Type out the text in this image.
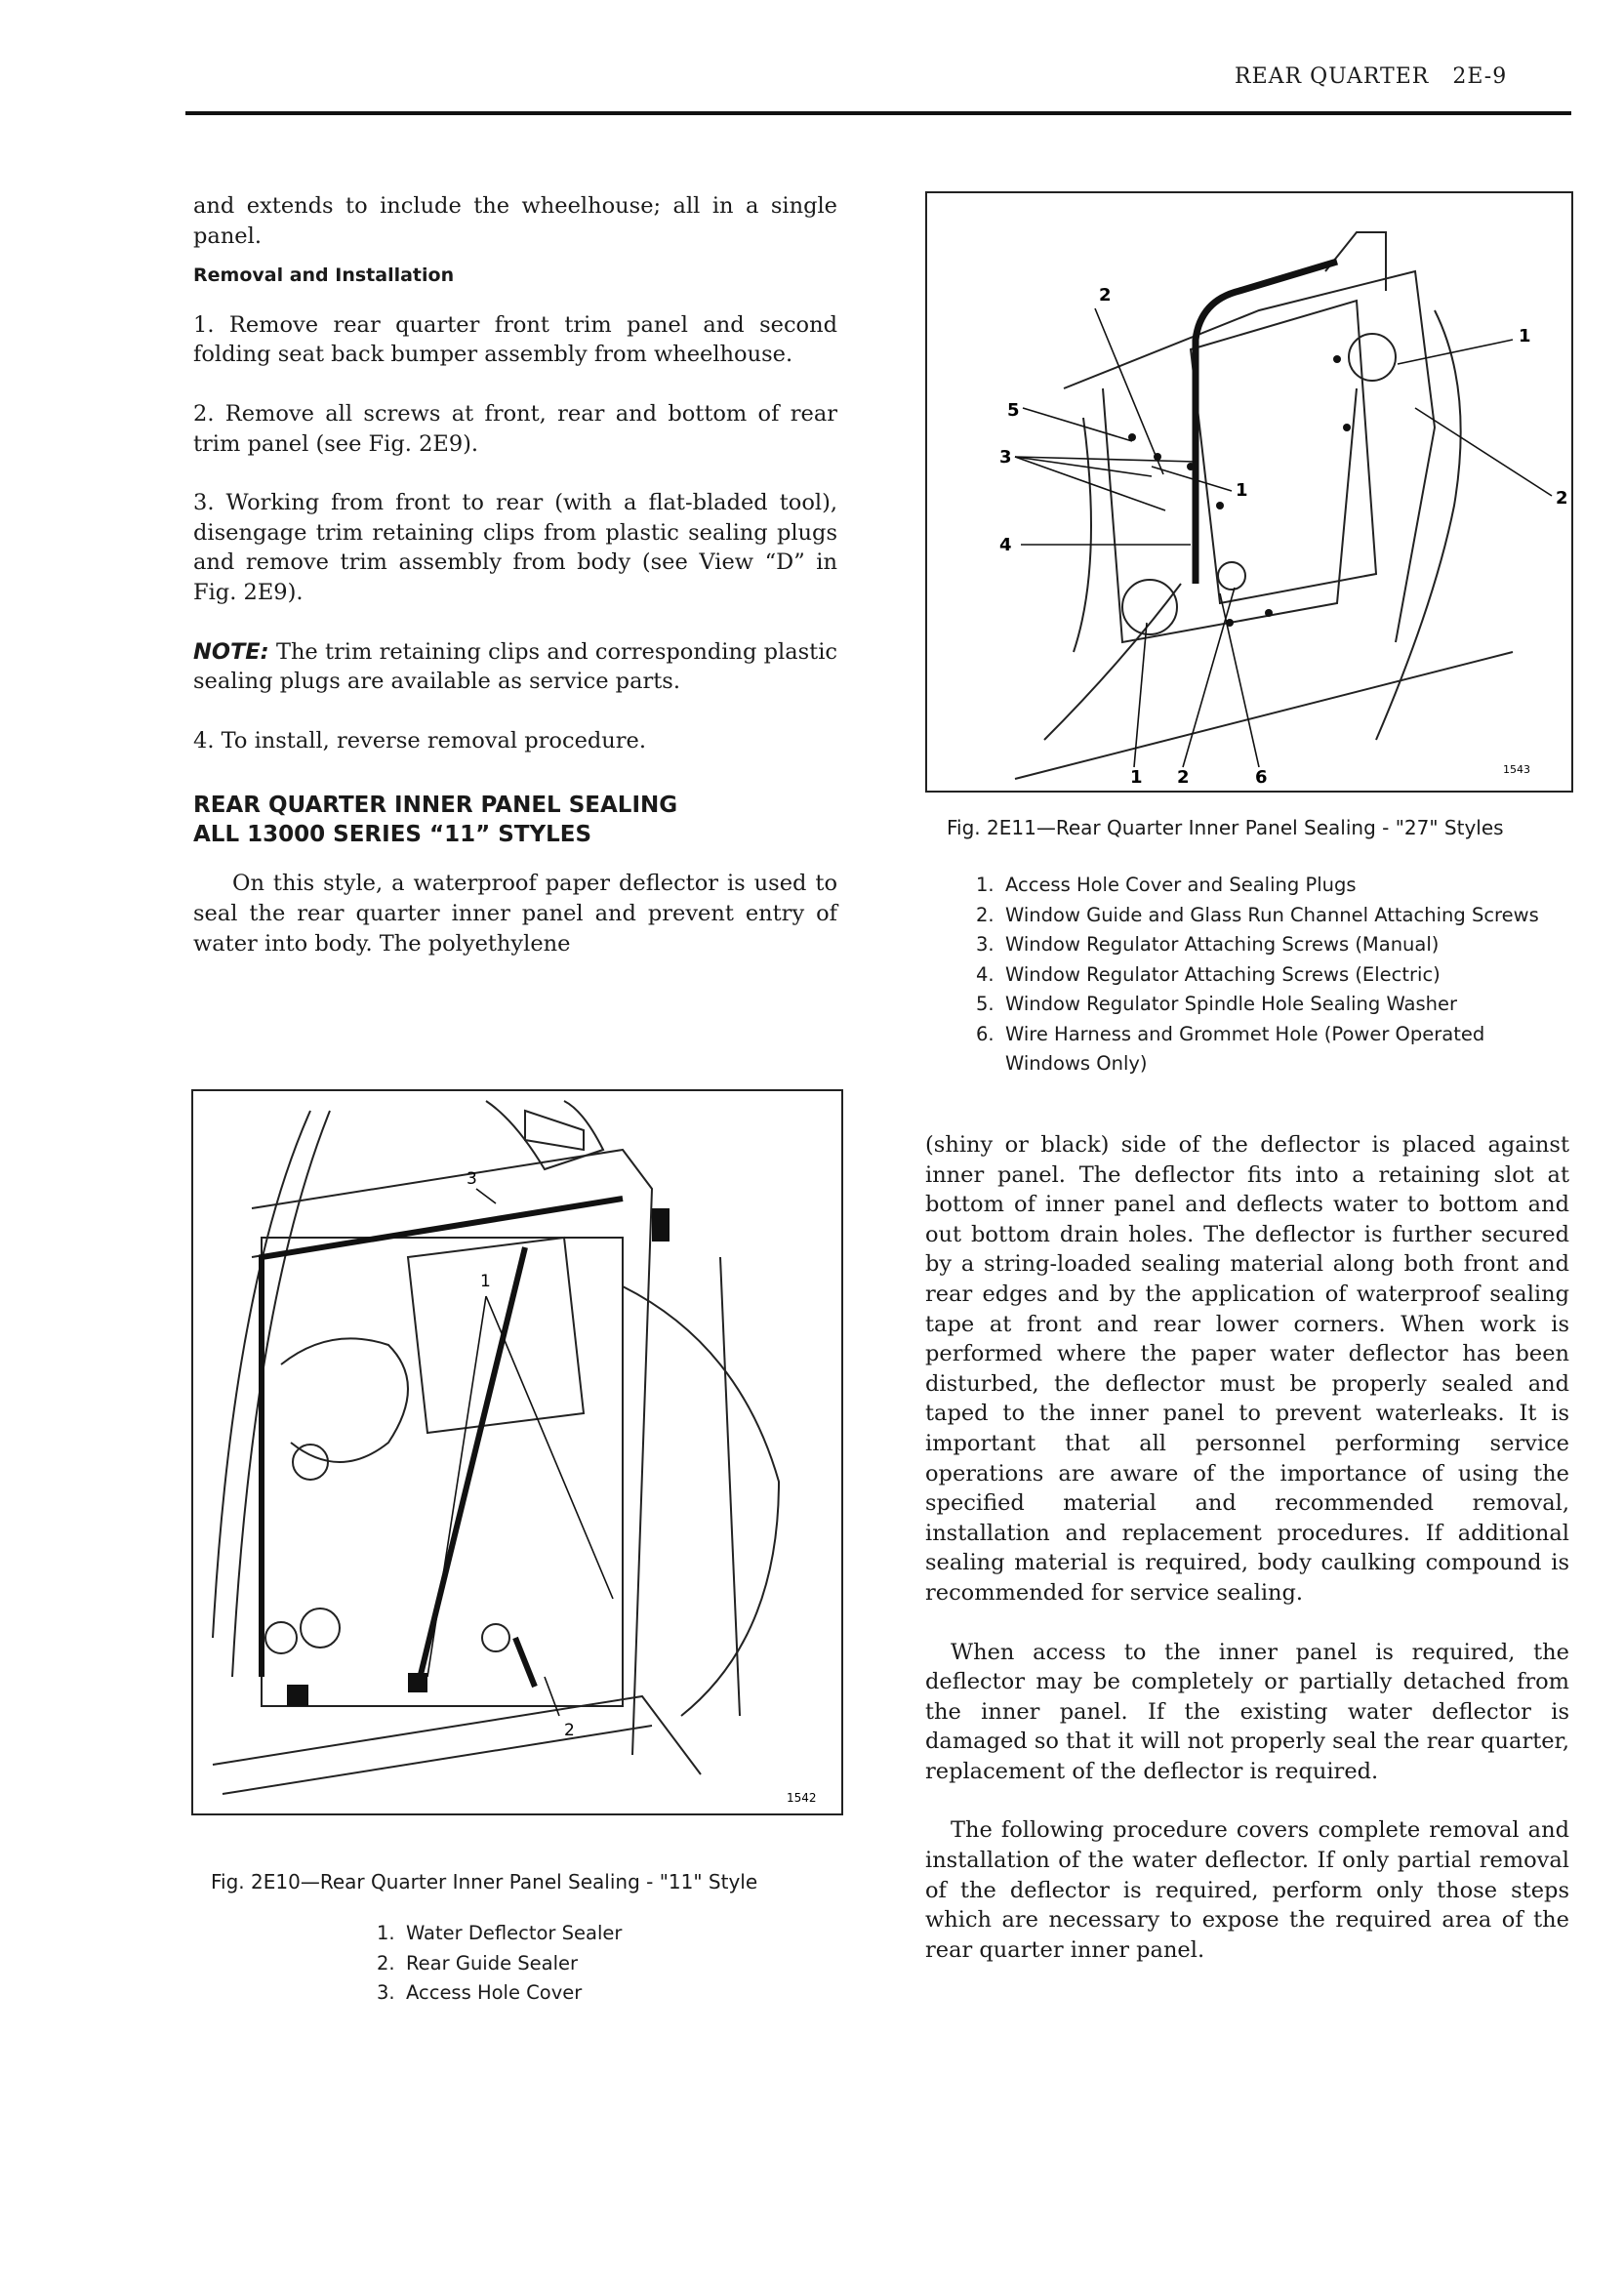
REAR QUARTER 2E-9

and extends to include the wheelhouse; all in a single panel.

Removal and Installation

1. Remove rear quarter front trim panel and second folding seat back bumper assembly from wheelhouse.

2. Remove all screws at front, rear and bottom of rear trim panel (see Fig. 2E9).

3. Working from front to rear (with a flat-bladed tool), disengage trim retaining clips from plastic sealing plugs and remove trim assembly from body (see View “D” in Fig. 2E9).

NOTE: The trim retaining clips and corresponding plastic sealing plugs are available as service parts.

4. To install, reverse removal procedure.

REAR QUARTER INNER PANEL SEALING
ALL 13000 SERIES “11” STYLES

On this style, a waterproof paper deflector is used to seal the rear quarter inner panel and prevent entry of water into body. The polyethylene

1
2
3
1542
Fig. 2E10—Rear Quarter Inner Panel Sealing - "11" Style
1. Water Deflector Sealer
2. Rear Guide Sealer
3. Access Hole Cover
2
1
5
3
1	2
4
1 2	6	1543
Fig. 2E11—Rear Quarter Inner Panel Sealing - "27" Styles
1. Access Hole Cover and Sealing Plugs
2. Window Guide and Glass Run Channel Attaching Screws
3. Window Regulator Attaching Screws (Manual)
4. Window Regulator Attaching Screws (Electric)
5. Window Regulator Spindle Hole Sealing Washer
6. Wire Harness and Grommet Hole (Power Operated Windows Only)

(shiny or black) side of the deflector is placed against inner panel. The deflector fits into a retaining slot at bottom of inner panel and deflects water to bottom and out bottom drain holes. The deflector is further secured by a string-loaded sealing material along both front and rear edges and by the application of waterproof sealing tape at front and rear lower corners. When work is performed where the paper water deflector has been disturbed, the deflector must be properly sealed and taped to the inner panel to prevent waterleaks. It is important that all personnel performing service operations are aware of the importance of using the specified material and recommended removal, installation and replacement procedures. If additional sealing material is required, body caulking compound is recommended for service sealing.

When access to the inner panel is required, the deflector may be completely or partially detached from the inner panel. If the existing water deflector is damaged so that it will not properly seal the rear quarter, replacement of the deflector is required.

The following procedure covers complete removal and installation of the water deflector. If only partial removal of the deflector is required, perform only those steps which are necessary to expose the required area of the rear quarter inner panel.
